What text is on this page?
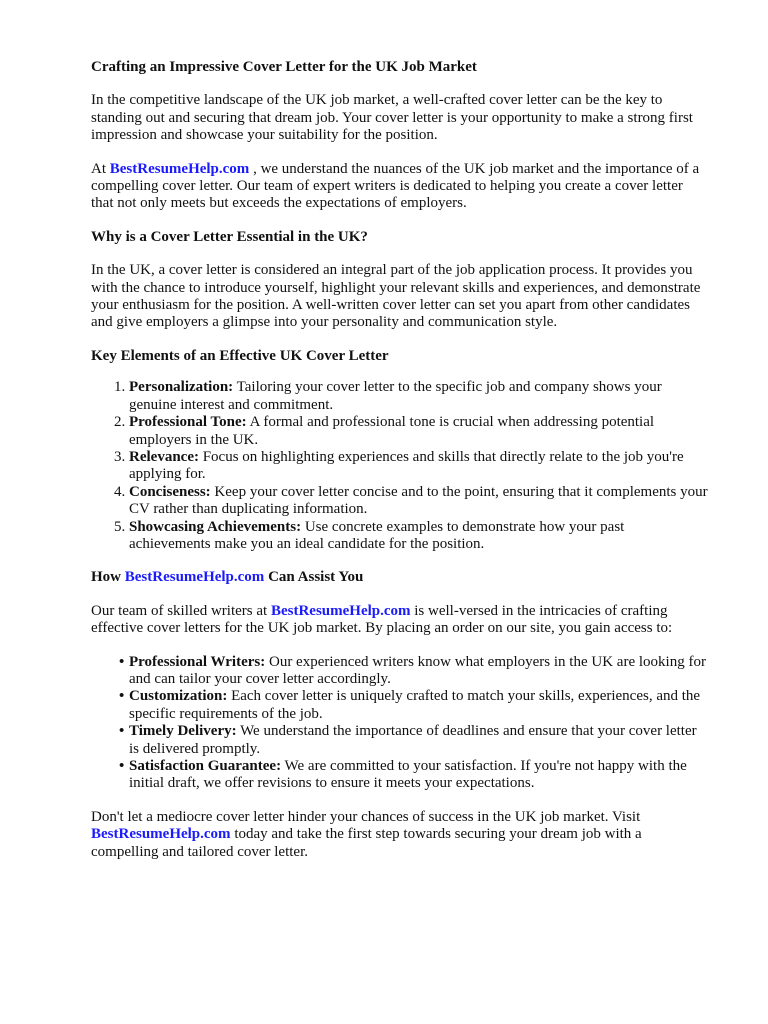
Crafting an Impressive Cover Letter for the UK Job Market

In the competitive landscape of the UK job market, a well-crafted cover letter can be the key to standing out and securing that dream job. Your cover letter is your opportunity to make a strong first impression and showcase your suitability for the position.

At BestResumeHelp.com , we understand the nuances of the UK job market and the importance of a compelling cover letter. Our team of expert writers is dedicated to helping you create a cover letter that not only meets but exceeds the expectations of employers.

Why is a Cover Letter Essential in the UK?

In the UK, a cover letter is considered an integral part of the job application process. It provides you with the chance to introduce yourself, highlight your relevant skills and experiences, and demonstrate your enthusiasm for the position. A well-written cover letter can set you apart from other candidates and give employers a glimpse into your personality and communication style.

Key Elements of an Effective UK Cover Letter
1. Personalization: Tailoring your cover letter to the specific job and company shows your genuine interest and commitment.
2. Professional Tone: A formal and professional tone is crucial when addressing potential employers in the UK.
3. Relevance: Focus on highlighting experiences and skills that directly relate to the job you're applying for.
4. Conciseness: Keep your cover letter concise and to the point, ensuring that it complements your CV rather than duplicating information.
5. Showcasing Achievements: Use concrete examples to demonstrate how your past achievements make you an ideal candidate for the position.
How BestResumeHelp.com Can Assist You

Our team of skilled writers at BestResumeHelp.com is well-versed in the intricacies of crafting effective cover letters for the UK job market. By placing an order on our site, you gain access to:

• Professional Writers: Our experienced writers know what employers in the UK are looking for and can tailor your cover letter accordingly.
• Customization: Each cover letter is uniquely crafted to match your skills, experiences, and the specific requirements of the job.
• Timely Delivery: We understand the importance of deadlines and ensure that your cover letter is delivered promptly.
• Satisfaction Guarantee: We are committed to your satisfaction. If you're not happy with the initial draft, we offer revisions to ensure it meets your expectations.

Don't let a mediocre cover letter hinder your chances of success in the UK job market. Visit BestResumeHelp.com today and take the first step towards securing your dream job with a compelling and tailored cover letter.
